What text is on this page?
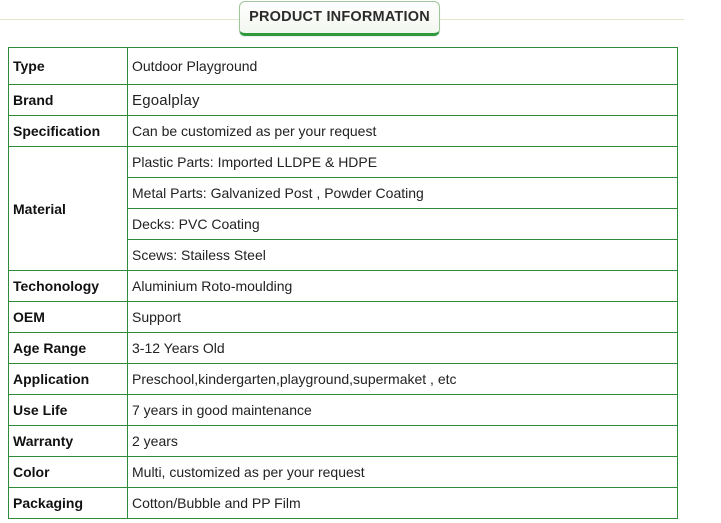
PRODUCT INFORMATION
Type	Outdoor Playground
Brand	Egoalplay
Specification	Can be customized as per your request
Material	Plastic Parts: Imported LLDPE & HDPE
	Metal Parts: Galvanized Post , Powder Coating
	Decks: PVC Coating
	Scews: Stailess Steel
Techonology	Aluminium Roto-moulding
OEM	Support
Age Range	3-12 Years Old
Application	Preschool,kindergarten,playground,supermaket , etc
Use Life	7 years in good maintenance
Warranty	2 years
Color	Multi, customized as per your request
Packaging	Cotton/Bubble and PP Film
